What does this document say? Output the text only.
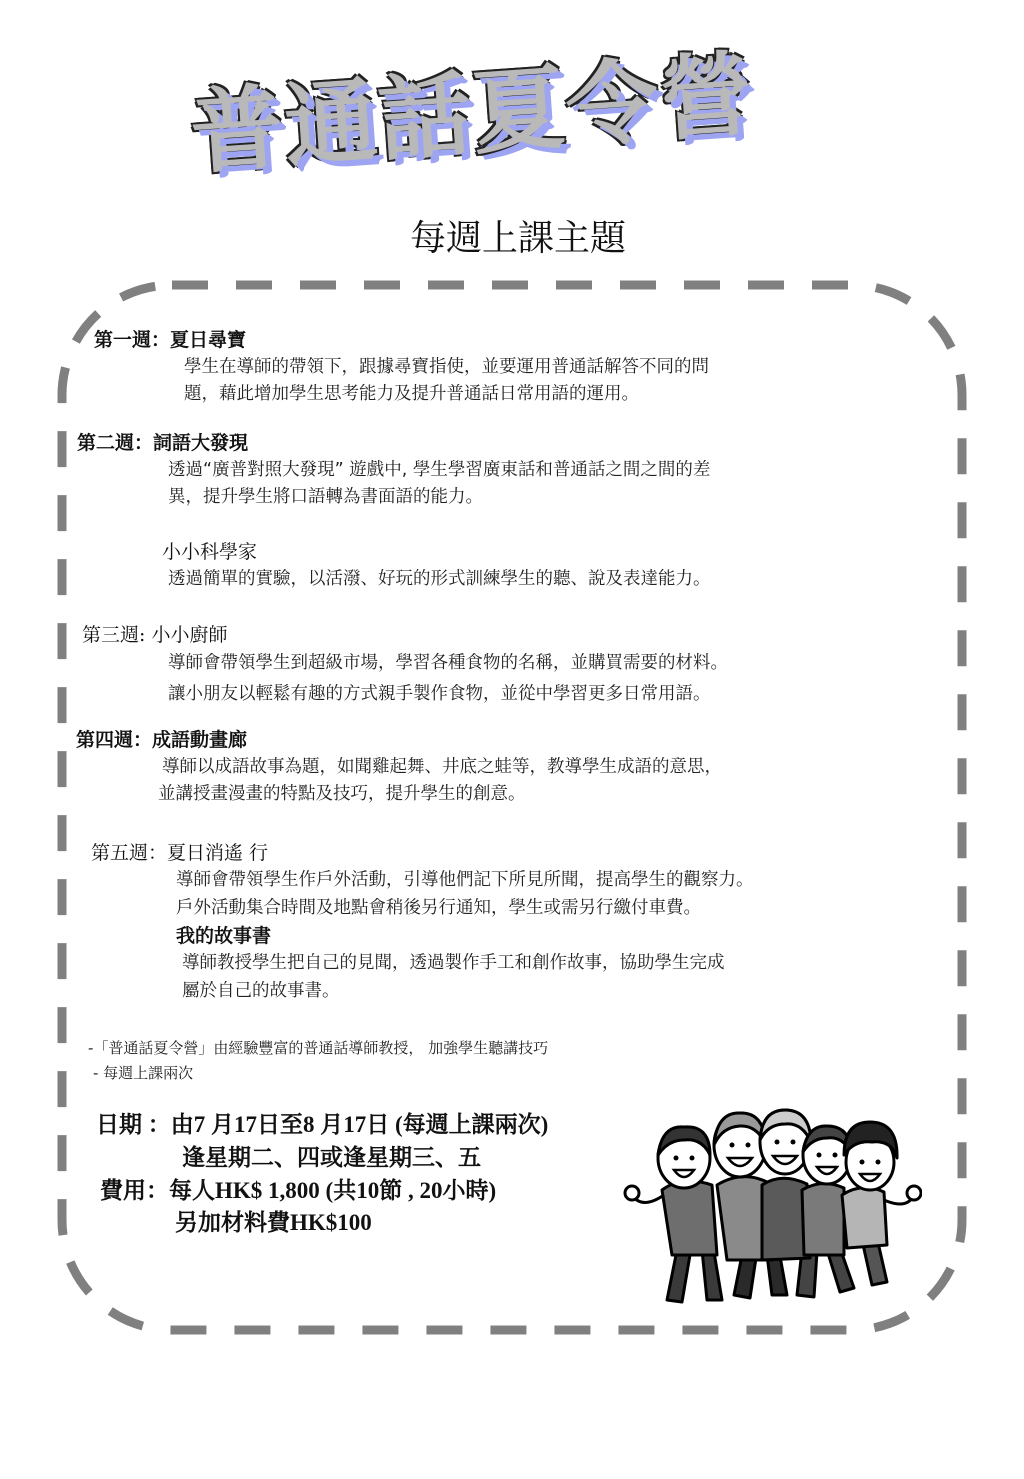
普通話夏令營
每週上課主題
第一週：夏日尋寶
學生在導師的帶領下，跟據尋寶指使，並要運用普通話解答不同的問
題，藉此增加學生思考能力及提升普通話日常用語的運用。
第二週：詞語大發現
透過“廣普對照大發現” 遊戲中, 學生學習廣東話和普通話之間之間的差
異，提升學生將口語轉為書面語的能力。
小小科學家
透過簡單的實驗，以活潑、好玩的形式訓練學生的聽、說及表達能力。
第三週: 小小廚師
導師會帶領學生到超級市場，學習各種食物的名稱，並購買需要的材料。
讓小朋友以輕鬆有趣的方式親手製作食物，並從中學習更多日常用語。
第四週：成語動畫廊
導師以成語故事為題，如聞雞起舞、井底之蛙等，教導學生成語的意思，
並講授畫漫畫的特點及技巧，提升學生的創意。
第五週：夏日消遙 行
導師會帶領學生作戶外活動，引導他們記下所見所聞，提高學生的觀察力。
戶外活動集合時間及地點會稍後另行通知，學生或需另行繳付車費。
我的故事書
導師教授學生把自己的見聞，透過製作手工和創作故事，協助學生完成
屬於自己的故事書。
-「普通話夏令營」由經驗豐富的普通話導師教授， 加強學生聽講技巧
- 每週上課兩次
日期 ：由7 月17日至8 月17日 (每週上課兩次)
逢星期二、四或逢星期三、五
費用：每人HK$ 1,800 (共10節 , 20小時)
另加材料費HK$100
